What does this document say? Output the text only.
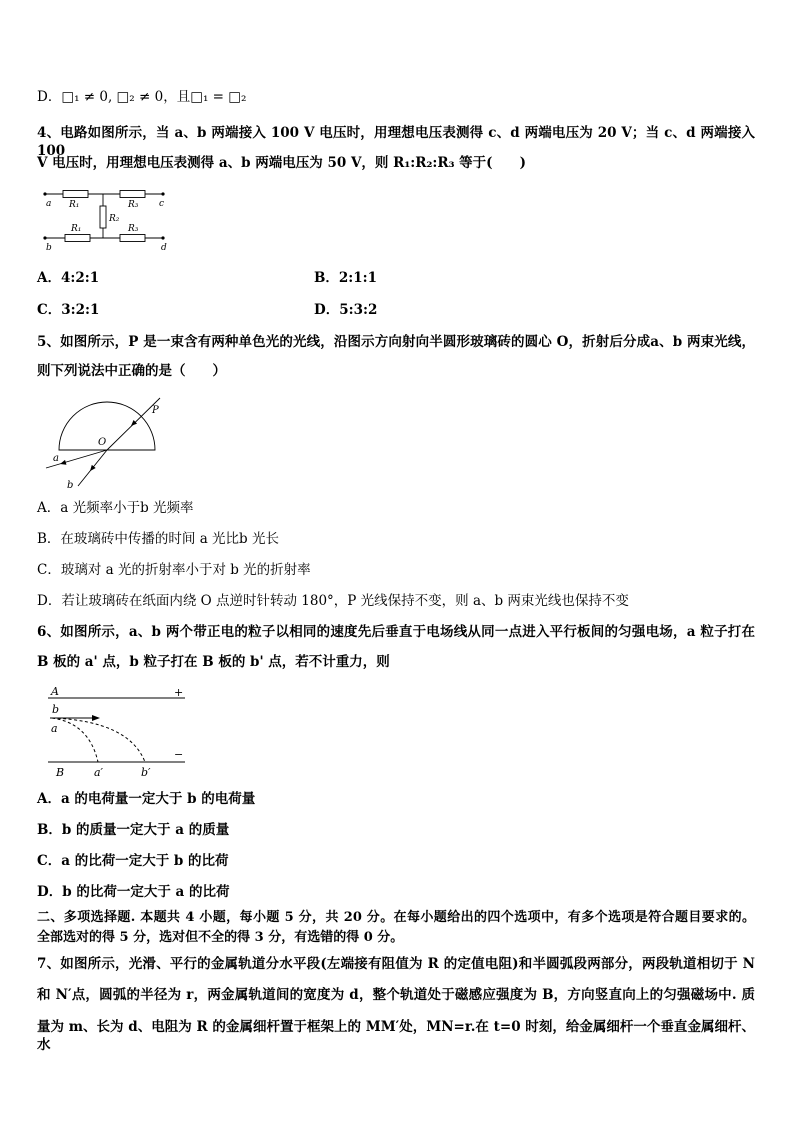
D．□₁ ≠ 0, □₂ ≠ 0，且□₁ = □₂
4、电路如图所示，当 a、b 两端接入 100 V 电压时，用理想电压表测得 c、d 两端电压为 20 V；当 c、d 两端接入 100
V 电压时，用理想电压表测得 a、b 两端电压为 50 V，则 R₁:R₂:R₃ 等于(　　)
a R₁	R₃ c
R₂
R₁	R₃
b	d
A．4:2:1	B．2:1:1
C．3:2:1	D．5:3:2
5、如图所示，P 是一束含有两种单色光的光线，沿图示方向射向半圆形玻璃砖的圆心 O，折射后分成a、b 两束光线，
则下列说法中正确的是（　　）
P
O
a
b
A．a 光频率小于b 光频率
B．在玻璃砖中传播的时间 a 光比b 光长
C．玻璃对 a 光的折射率小于对 b 光的折射率
D．若让玻璃砖在纸面内绕 O 点逆时针转动 180°，P 光线保持不变，则 a、b 两束光线也保持不变
6、如图所示，a、b 两个带正电的粒子以相同的速度先后垂直于电场线从同一点进入平行板间的匀强电场，a 粒子打在
B 板的 a' 点，b 粒子打在 B 板的 b' 点，若不计重力，则
A	+
b
a
−
B	a′	b′
A．a 的电荷量一定大于 b 的电荷量
B．b 的质量一定大于 a 的质量
C．a 的比荷一定大于 b 的比荷
D．b 的比荷一定大于 a 的比荷
二、多项选择题. 本题共 4 小题，每小题 5 分，共 20 分。在每小题给出的四个选项中，有多个选项是符合题目要求的。
全部选对的得 5 分，选对但不全的得 3 分，有选错的得 0 分。
7、如图所示，光滑、平行的金属轨道分水平段(左端接有阻值为 R 的定值电阻)和半圆弧段两部分，两段轨道相切于 N
和 N′点，圆弧的半径为 r，两金属轨道间的宽度为 d，整个轨道处于磁感应强度为 B，方向竖直向上的匀强磁场中. 质
量为 m、长为 d、电阻为 R 的金属细杆置于框架上的 MM′处，MN=r.在 t=0 时刻，给金属细杆一个垂直金属细杆、水
